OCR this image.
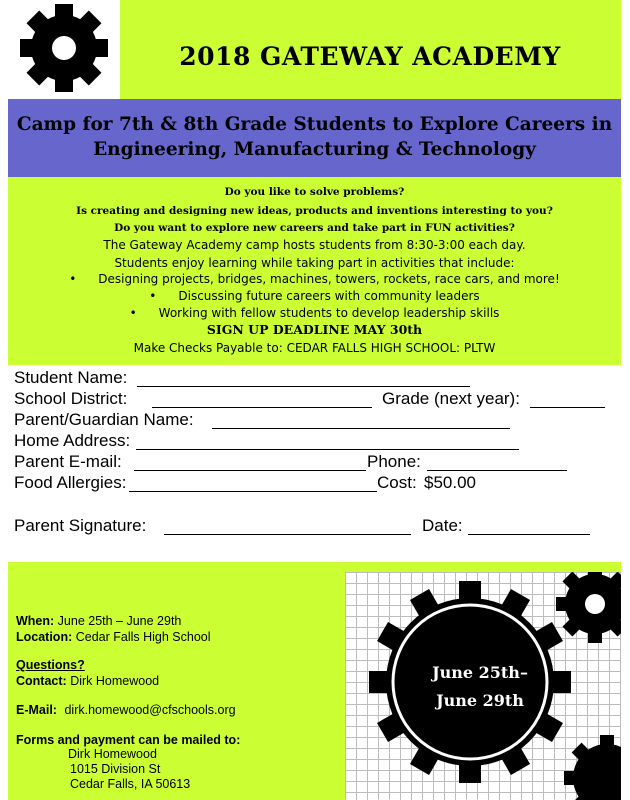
2018 GATEWAY ACADEMY
Camp for 7th & 8th Grade Students to Explore Careers in
Engineering, Manufacturing & Technology
Do you like to solve problems?
Is creating and designing new ideas, products and inventions interesting to you?
Do you want to explore new careers and take part in FUN activities?
The Gateway Academy camp hosts students from 8:30-3:00 each day.
Students enjoy learning while taking part in activities that include:
• Designing projects, bridges, machines, towers, rockets, race cars, and more!
• Discussing future careers with community leaders
• Working with fellow students to develop leadership skills
SIGN UP DEADLINE MAY 30th
Make Checks Payable to: CEDAR FALLS HIGH SCHOOL: PLTW
Student Name:
School District:	Grade (next year):
Parent/Guardian Name:
Home Address:
Parent E-mail:	Phone:
Food Allergies:	Cost: $50.00
Parent Signature:	Date:
June 25th–
June 29th
When: June 25th – June 29th
Location: Cedar Falls High School
Questions?
Contact: Dirk Homewood
E-Mail: dirk.homewood@cfschools.org
Forms and payment can be mailed to:
Dirk Homewood
1015 Division St
Cedar Falls, IA 50613
